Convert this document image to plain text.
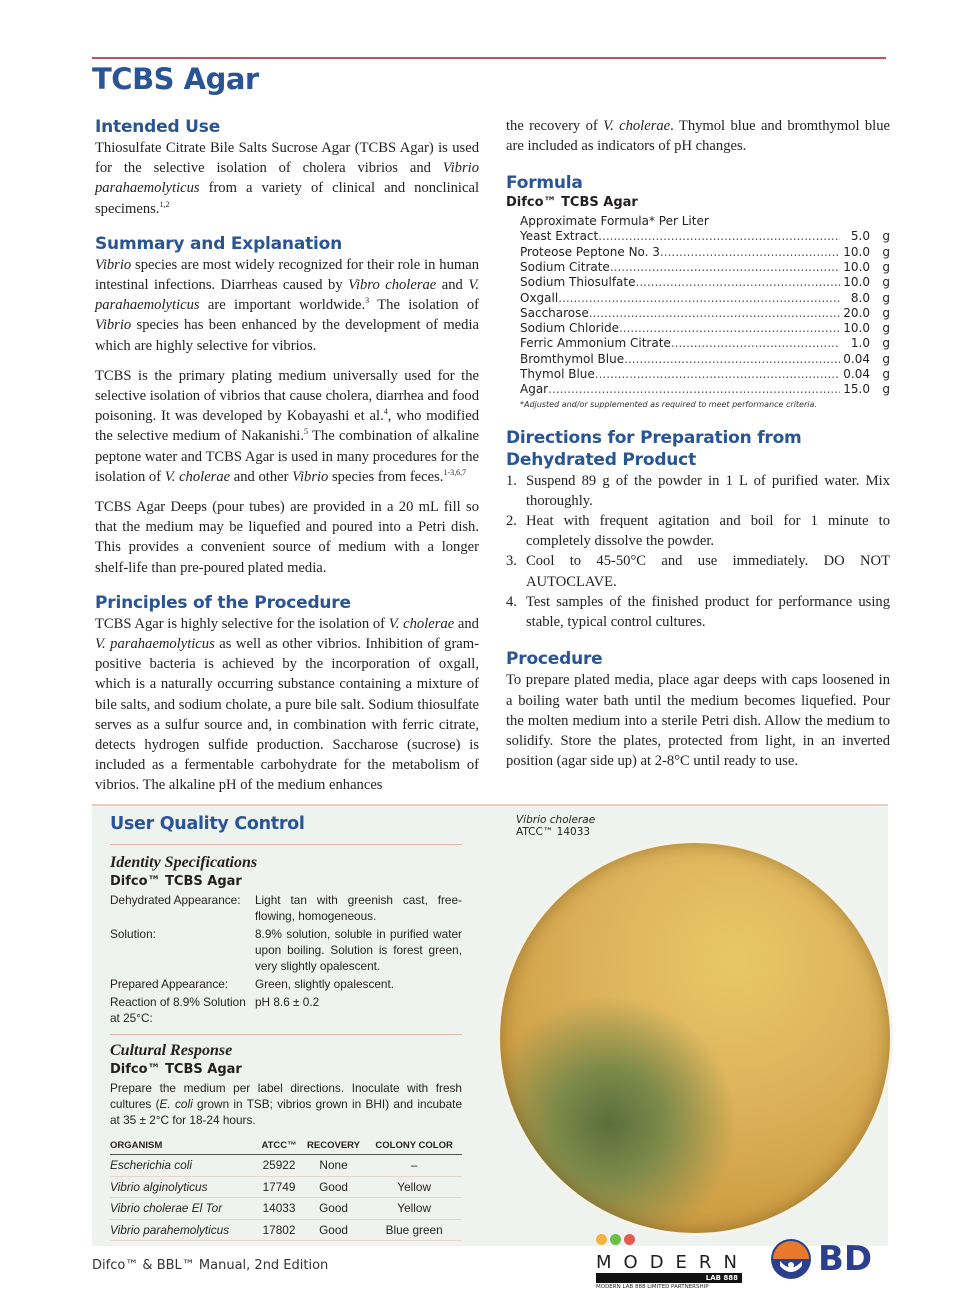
TCBS Agar
Intended Use

Thiosulfate Citrate Bile Salts Sucrose Agar (TCBS Agar) is used for the selective isolation of cholera vibrios and Vibrio parahaemolyticus from a variety of clinical and nonclinical specimens.$^{1,2}$

Summary and Explanation

Vibrio species are most widely recognized for their role in human intestinal infections. Diarrheas caused by Vibro cholerae and V. parahaemolyticus are important worldwide.$^3$ The isolation of Vibrio species has been enhanced by the development of media which are highly selective for vibrios.

TCBS is the primary plating medium universally used for the selective isolation of vibrios that cause cholera, diarrhea and food poisoning. It was developed by Kobayashi et al.$^4$, who modified the selective medium of Nakanishi.$^5$ The combination of alkaline peptone water and TCBS Agar is used in many procedures for the isolation of V. cholerae and other Vibrio species from feces.$^{1-3,6,7}$

TCBS Agar Deeps (pour tubes) are provided in a 20 mL fill so that the medium may be liquefied and poured into a Petri dish. This provides a convenient source of medium with a longer shelf-life than pre-poured plated media.

Principles of the Procedure

TCBS Agar is highly selective for the isolation of V. cholerae and V. parahaemolyticus as well as other vibrios. Inhibition of gram-positive bacteria is achieved by the incorporation of oxgall, which is a naturally occurring substance containing a mixture of bile salts, and sodium cholate, a pure bile salt. Sodium thiosulfate serves as a sulfur source and, in combination with ferric citrate, detects hydrogen sulfide production. Saccharose (sucrose) is included as a fermentable carbohydrate for the metabolism of vibrios. The alkaline pH of the medium enhances

the recovery of V. cholerae. Thymol blue and bromthymol blue are included as indicators of pH changes.

Formula
Difco™ TCBS Agar
Approximate Formula* Per Liter
Yeast Extract .....	5.0	g
Proteose Peptone No. 3 .....	10.0	g
Sodium Citrate .....	10.0	g
Sodium Thiosulfate .....	10.0	g
Oxgall .....	8.0	g
Saccharose .....	20.0	g
Sodium Chloride .....	10.0	g
Ferric Ammonium Citrate .....	1.0	g
Bromthymol Blue .....	0.04	g
Thymol Blue .....	0.04	g
Agar .....	15.0	g
*Adjusted and/or supplemented as required to meet performance criteria.
Directions for Preparation from Dehydrated Product
1. Suspend 89 g of the powder in 1 L of purified water. Mix thoroughly.
2. Heat with frequent agitation and boil for 1 minute to completely dissolve the powder.
3. Cool to 45-50°C and use immediately. DO NOT AUTOCLAVE.
4. Test samples of the finished product for performance using stable, typical control cultures.
Procedure

To prepare plated media, place agar deeps with caps loosened in a boiling water bath until the medium becomes liquefied. Pour the molten medium into a sterile Petri dish. Allow the medium to solidify. Store the plates, protected from light, in an inverted position (agar side up) at 2-8°C until ready to use.

User Quality Control
Identity Specifications
Difco™ TCBS Agar
Dehydrated Appearance:	Light tan with greenish cast, free-flowing, homogeneous.
Solution:	8.9% solution, soluble in purified water upon boiling. Solution is forest green, very slightly opalescent.
Prepared Appearance:	Green, slightly opalescent.
Reaction of 8.9% Solution at 25°C:
pH 8.6 ± 0.2
Cultural Response
Difco™ TCBS Agar
Prepare the medium per label directions. Inoculate with fresh cultures (E. coli grown in TSB; vibrios grown in BHI) and incubate at 35 ± 2°C for 18-24 hours.
ORGANISM	ATCC™	RECOVERY	COLONY COLOR
Escherichia coli	25922	None	–
Vibrio alginolyticus	17749	Good	Yellow
Vibrio cholerae El Tor	14033	Good	Yellow
Vibrio parahemolyticus	17802	Good	Blue green
Vibrio cholerae
ATCC™ 14033
Difco™ & BBL™ Manual, 2nd Edition	MODERN
LAB 888
MODERN LAB 888 LIMITED PARTNERSHIP
BD
